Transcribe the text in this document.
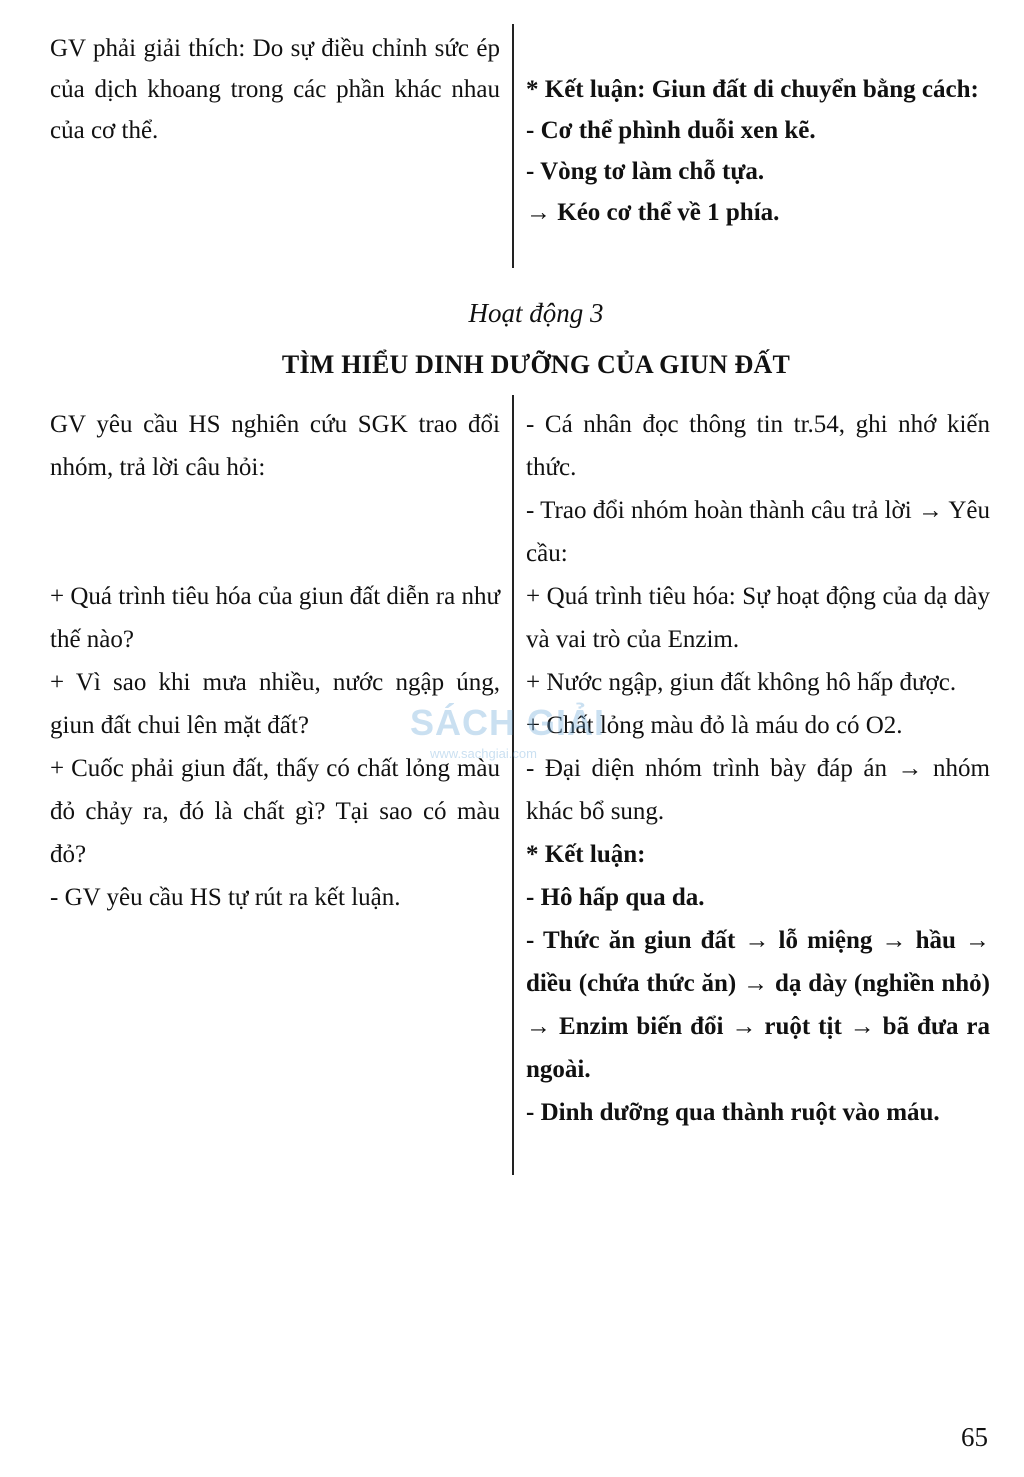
GV phải giải thích: Do sự điều chỉnh sức ép của dịch khoang trong các phần khác nhau của cơ thể.

* Kết luận: Giun đất di chuyển bằng cách:

- Cơ thể phình duỗi xen kẽ.

- Vòng tơ làm chỗ tựa.

→ Kéo cơ thể về 1 phía.

Hoạt động 3
TÌM HIỂU DINH DƯỠNG CỦA GIUN ĐẤT

GV yêu cầu HS nghiên cứu SGK trao đổi nhóm, trả lời câu hỏi:

+ Quá trình tiêu hóa của giun đất diễn ra như thế nào?

+ Vì sao khi mưa nhiều, nước ngập úng, giun đất chui lên mặt đất?

+ Cuốc phải giun đất, thấy có chất lỏng màu đỏ chảy ra, đó là chất gì? Tại sao có màu đỏ?

- GV yêu cầu HS tự rút ra kết luận.

- Cá nhân đọc thông tin tr.54, ghi nhớ kiến thức.

- Trao đổi nhóm hoàn thành câu trả lời → Yêu cầu:

+ Quá trình tiêu hóa: Sự hoạt động của dạ dày và vai trò của Enzim.

+ Nước ngập, giun đất không hô hấp được.

+ Chất lỏng màu đỏ là máu do có O2.

- Đại diện nhóm trình bày đáp án → nhóm khác bổ sung.

* Kết luận:

- Hô hấp qua da.

- Thức ăn giun đất → lỗ miệng → hầu → diều (chứa thức ăn) → dạ dày (nghiền nhỏ) → Enzim biến đổi → ruột tịt → bã đưa ra ngoài.

- Dinh dưỡng qua thành ruột vào máu.

SÁCH GIẢI
www.sachgiai.com
65
